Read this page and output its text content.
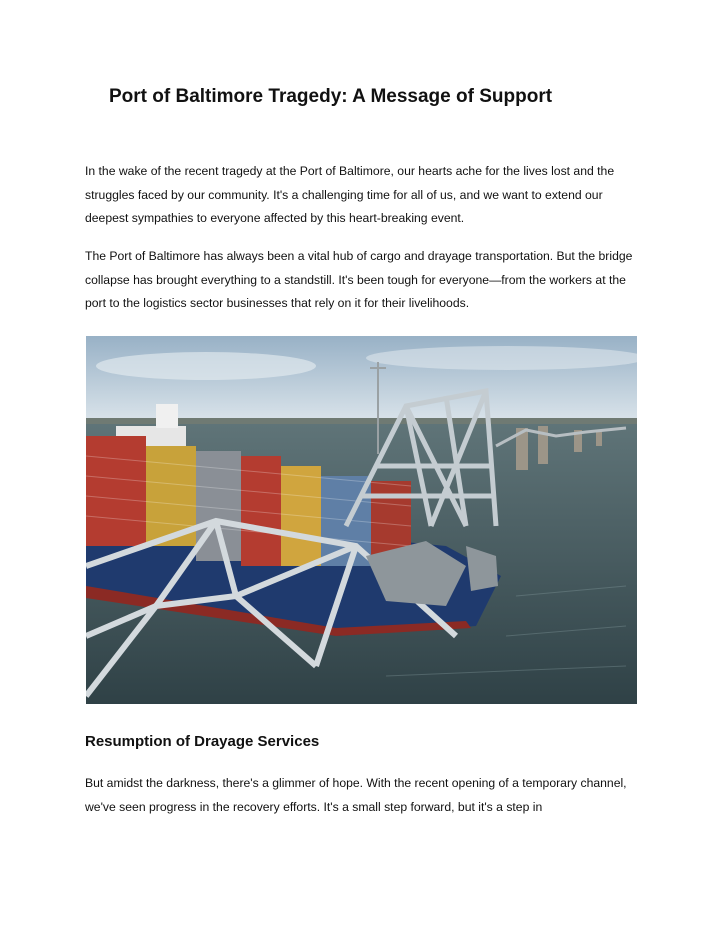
Port of Baltimore Tragedy: A Message of Support

In the wake of the recent tragedy at the Port of Baltimore, our hearts ache for the lives lost and the struggles faced by our community. It's a challenging time for all of us, and we want to extend our deepest sympathies to everyone affected by this heart-breaking event.

The Port of Baltimore has always been a vital hub of cargo and drayage transportation. But the bridge collapse has brought everything to a standstill. It's been tough for everyone—from the workers at the port to the logistics sector businesses that rely on it for their livelihoods.

Resumption of Drayage Services

But amidst the darkness, there's a glimmer of hope. With the recent opening of a temporary channel, we've seen progress in the recovery efforts. It's a small step forward, but it's a step in
